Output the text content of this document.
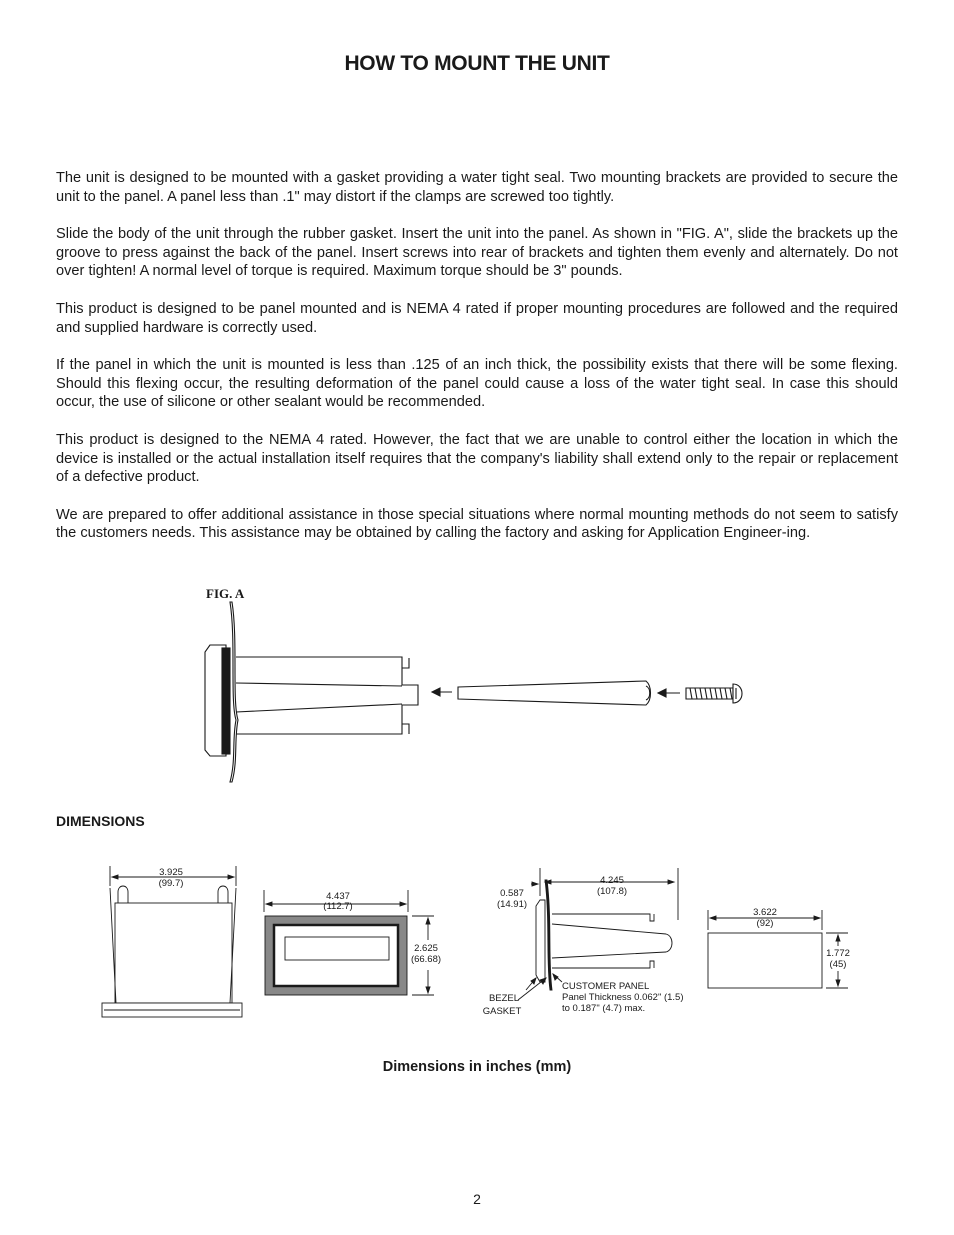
HOW TO MOUNT THE UNIT

The unit is designed to be mounted with a gasket providing a water tight seal. Two mounting brackets are provided to secure the unit to the panel. A panel less than .1" may distort if the clamps are screwed too tightly.

Slide the body of the unit through the rubber gasket. Insert the unit into the panel. As shown in "FIG. A", slide the brackets up the groove to press against the back of the panel. Insert screws into rear of brackets and tighten them evenly and alternately. Do not over tighten! A normal level of torque is required. Maximum torque should be 3" pounds.

This product is designed to be panel mounted and is NEMA 4 rated if proper mounting procedures are followed and the required and supplied hardware is correctly used.

If the panel in which the unit is mounted is less than .125 of an inch thick, the possibility exists that there will be some flexing. Should this flexing occur, the resulting deformation of the panel could cause a loss of the water tight seal. In case this should occur, the use of silicone or other sealant would be recommended.

This product is designed to the NEMA 4 rated. However, the fact that we are unable to control either the location in which the device is installed or the actual installation itself requires that the company's liability shall extend only to the repair or replacement of a defective product.

We are prepared to offer additional assistance in those special situations where normal mounting methods do not seem to satisfy the customers needs. This assistance may be obtained by calling the factory and asking for Application Engineer-ing.

FIG. A
DIMENSIONS
3.925
(99.7)
4.437
(112.7)
2.625
(66.68)
0.587
(14.91)
4.245
(107.8)
3.622
(92)
1.772
(45)
BEZEL
GASKET
CUSTOMER PANEL
Panel Thickness 0.062" (1.5)
to 0.187" (4.7) max.
Dimensions in inches (mm)
2
